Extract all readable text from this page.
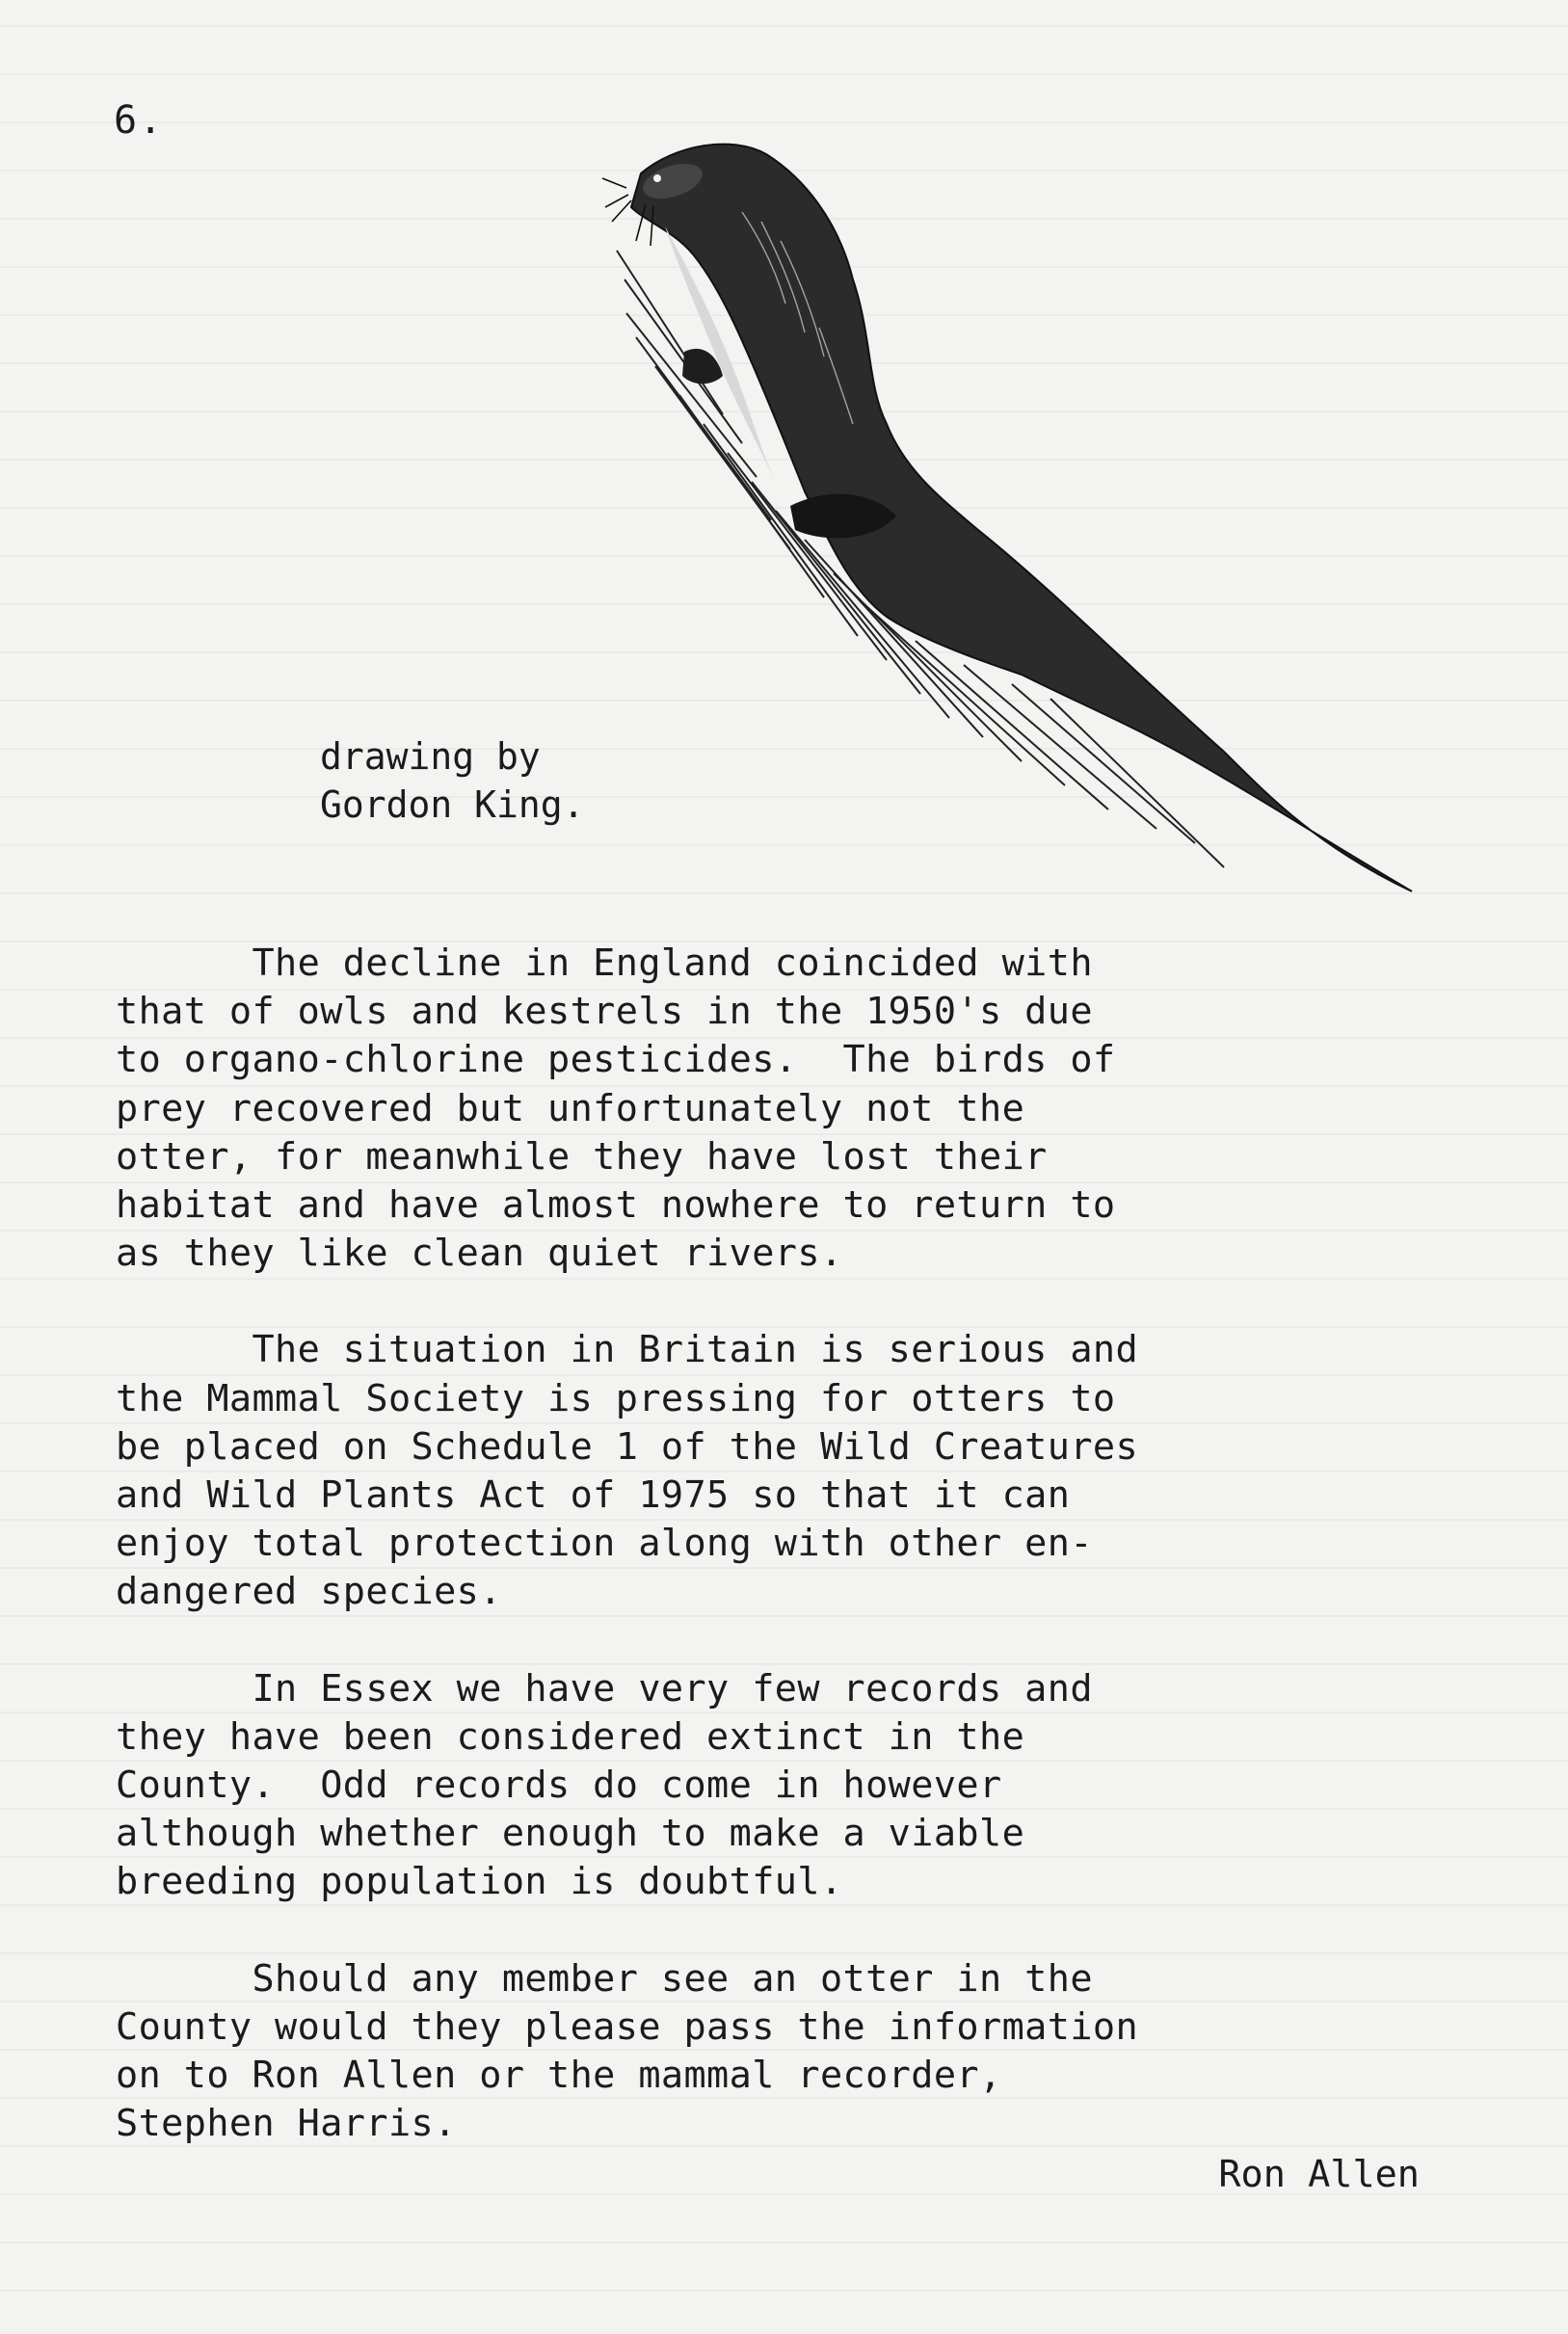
6.
drawing by
Gordon King.

The decline in England coincided with
that of owls and kestrels in the 1950's due
to organo-chlorine pesticides.  The birds of
prey recovered but unfortunately not the
otter, for meanwhile they have lost their
habitat and have almost nowhere to return to
as they like clean quiet rivers.

The situation in Britain is serious and
the Mammal Society is pressing for otters to
be placed on Schedule 1 of the Wild Creatures
and Wild Plants Act of 1975 so that it can
enjoy total protection along with other en-
dangered species.

In Essex we have very few records and
they have been considered extinct in the
County.  Odd records do come in however
although whether enough to make a viable
breeding population is doubtful.

Should any member see an otter in the
County would they please pass the information
on to Ron Allen or the mammal recorder,
Stephen Harris.

Ron Allen
